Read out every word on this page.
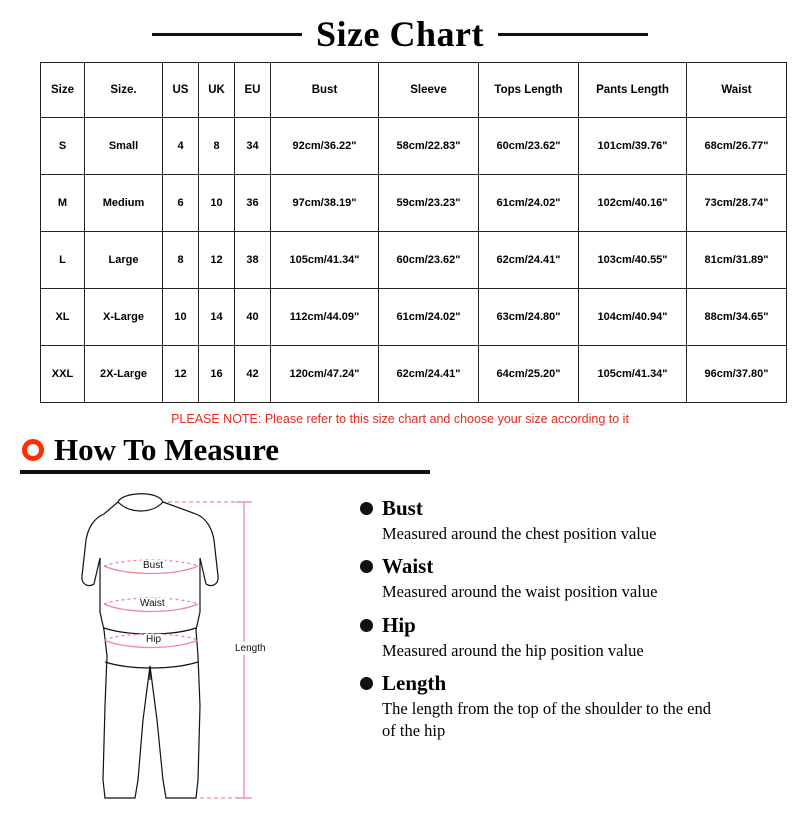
Size Chart
Size	Size.	US	UK	EU	Bust	Sleeve	Tops Length	Pants Length	Waist
S	Small	4	8	34	92cm/36.22"	58cm/22.83"	60cm/23.62"	101cm/39.76"	68cm/26.77"
M	Medium	6	10	36	97cm/38.19"	59cm/23.23"	61cm/24.02"	102cm/40.16"	73cm/28.74"
L	Large	8	12	38	105cm/41.34"	60cm/23.62"	62cm/24.41"	103cm/40.55"	81cm/31.89"
XL	X-Large	10	14	40	112cm/44.09"	61cm/24.02"	63cm/24.80"	104cm/40.94"	88cm/34.65"
XXL	2X-Large	12	16	42	120cm/47.24"	62cm/24.41"	64cm/25.20"	105cm/41.34"	96cm/37.80"
PLEASE NOTE: Please refer to this size chart and choose your size according to it
How To Measure
Bust
Waist
Hip
Length
Bust
Measured around the chest position value
Waist
Measured around the waist position value
Hip
Measured around the hip position value
Length
The length from the top of the shoulder to the end of the hip
